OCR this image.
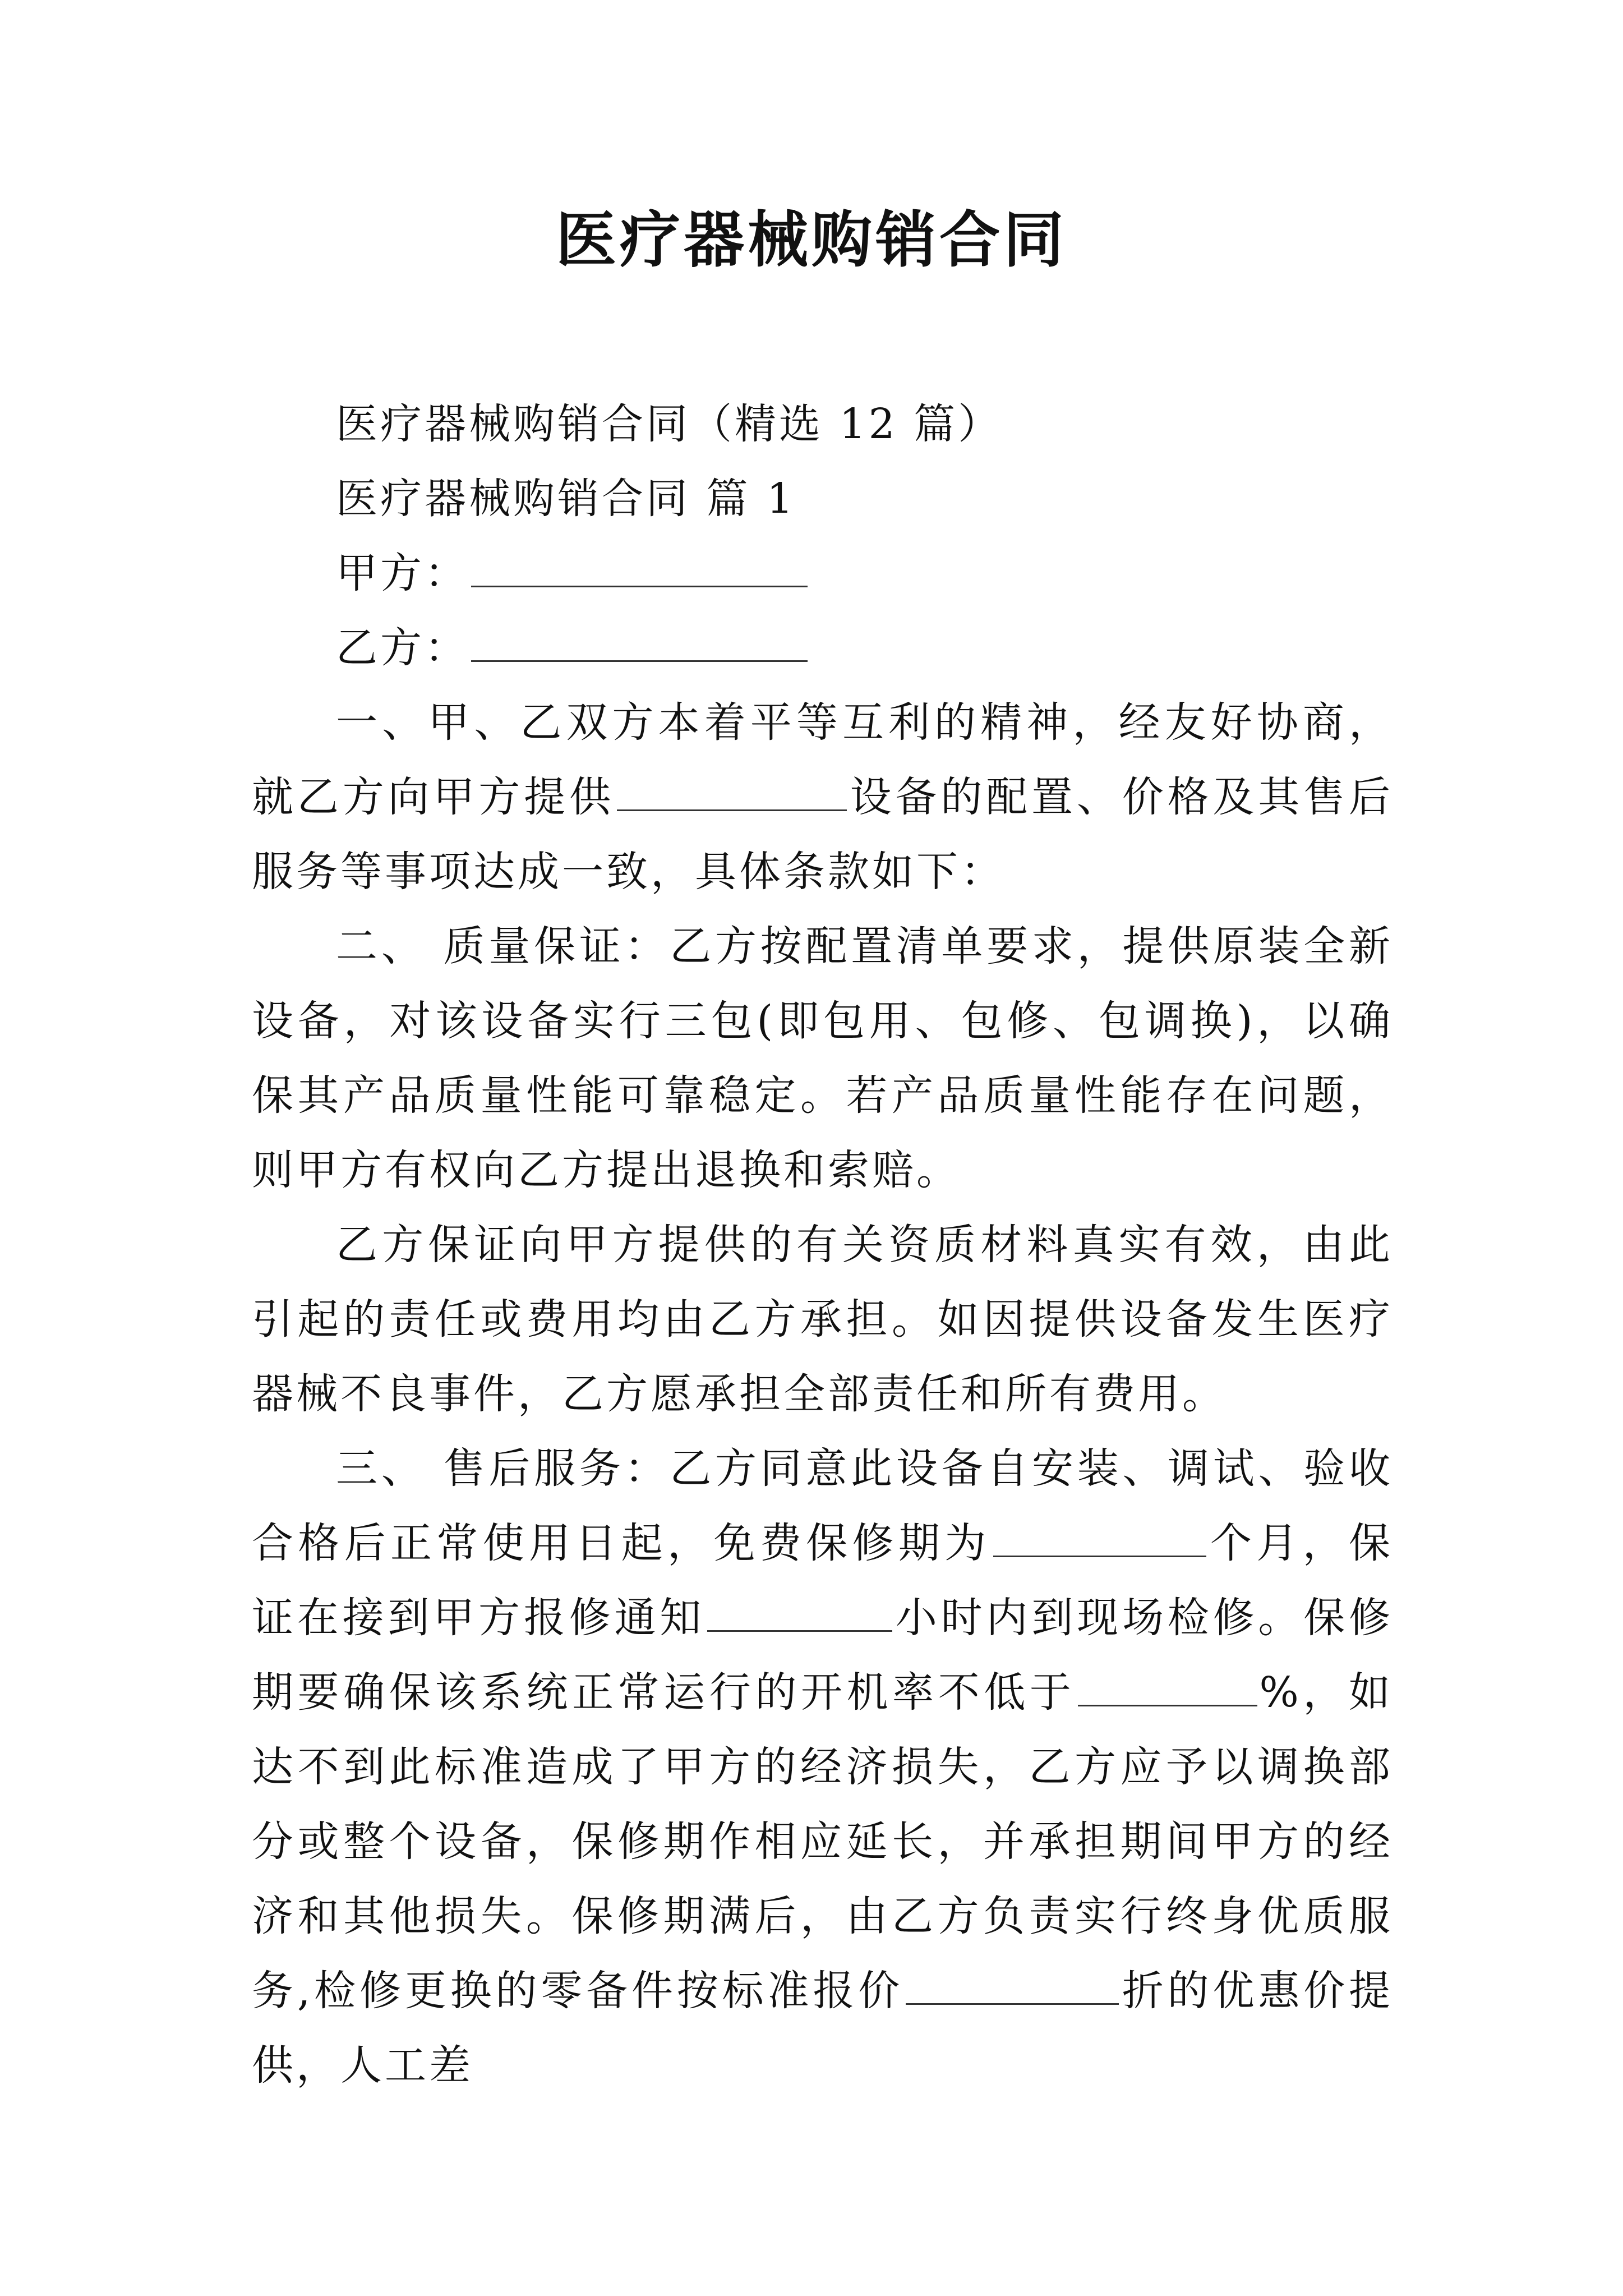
医疗器械购销合同

医疗器械购销合同（精选 12 篇）

医疗器械购销合同 篇 1

甲方：

乙方：

一、甲、乙双方本着平等互利的精神，经友好协商，就乙方向甲方提供	设备的配置、价格及其售后服务等事项达成一致，具体条款如下：

二、 质量保证：乙方按配置清单要求，提供原装全新设备，对该设备实行三包(即包用、包修、包调换)，以确保其产品质量性能可靠稳定。若产品质量性能存在问题，则甲方有权向乙方提出退换和索赔。

乙方保证向甲方提供的有关资质材料真实有效，由此引起的责任或费用均由乙方承担。如因提供设备发生医疗器械不良事件，乙方愿承担全部责任和所有费用。

三、 售后服务：乙方同意此设备自安装、调试、验收合格后正常使用日起，免费保修期为	个月，保证在接到甲方报修通知	小时内到现场检修。保修期要确保该系统正常运行的开机率不低于	%，如达不到此标准造成了甲方的经济损失，乙方应予以调换部分或整个设备，保修期作相应延长，并承担期间甲方的经济和其他损失。保修期满后，由乙方负责实行终身优质服务,检修更换的零备件按标准报价	折的优惠价提供，人工差
